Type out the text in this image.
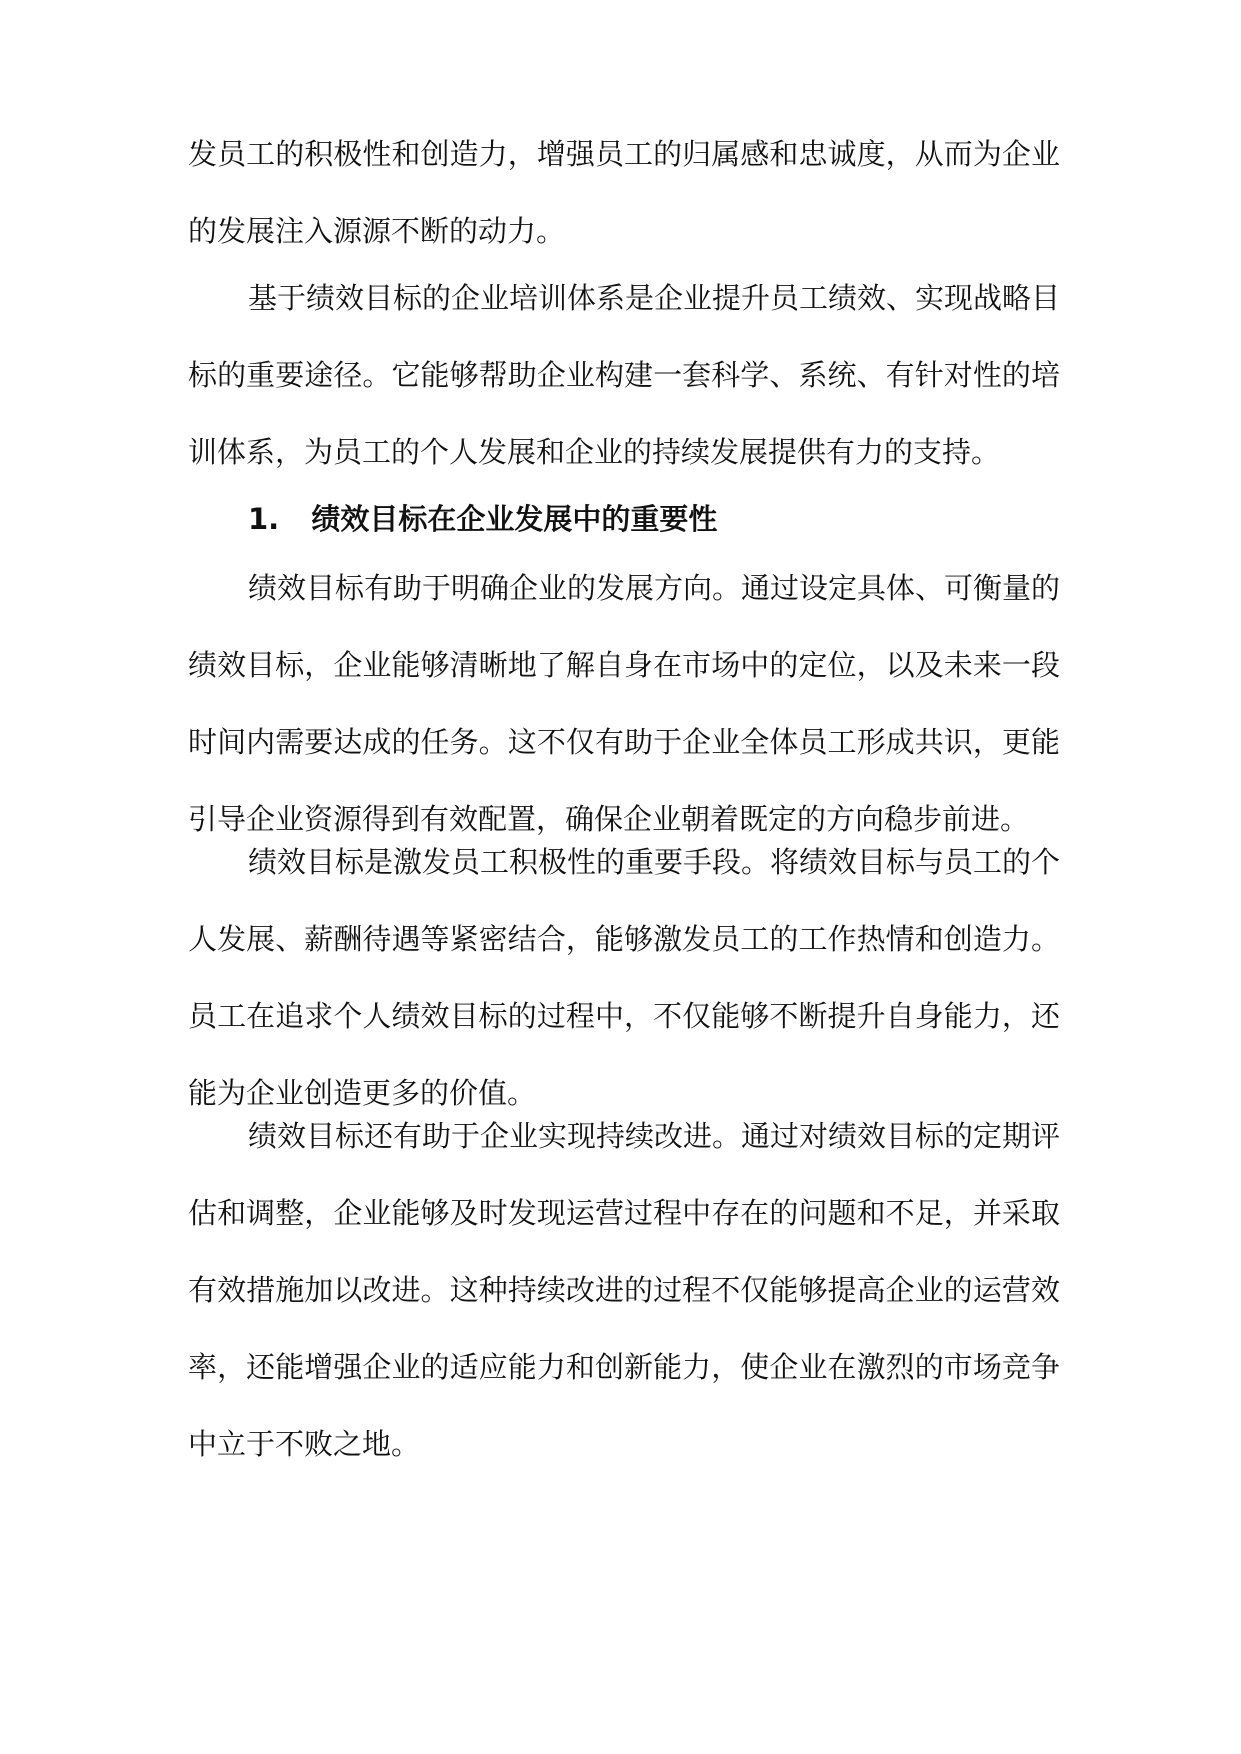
发员工的积极性和创造力，增强员工的归属感和忠诚度，从而为企业
的发展注入源源不断的动力。
基于绩效目标的企业培训体系是企业提升员工绩效、实现战略目
标的重要途径。它能够帮助企业构建一套科学、系统、有针对性的培
训体系，为员工的个人发展和企业的持续发展提供有力的支持。
1. 绩效目标在企业发展中的重要性
绩效目标有助于明确企业的发展方向。通过设定具体、可衡量的
绩效目标，企业能够清晰地了解自身在市场中的定位，以及未来一段
时间内需要达成的任务。这不仅有助于企业全体员工形成共识，更能
引导企业资源得到有效配置，确保企业朝着既定的方向稳步前进。
绩效目标是激发员工积极性的重要手段。将绩效目标与员工的个
人发展、薪酬待遇等紧密结合，能够激发员工的工作热情和创造力。
员工在追求个人绩效目标的过程中，不仅能够不断提升自身能力，还
能为企业创造更多的价值。
绩效目标还有助于企业实现持续改进。通过对绩效目标的定期评
估和调整，企业能够及时发现运营过程中存在的问题和不足，并采取
有效措施加以改进。这种持续改进的过程不仅能够提高企业的运营效
率，还能增强企业的适应能力和创新能力，使企业在激烈的市场竞争
中立于不败之地。
